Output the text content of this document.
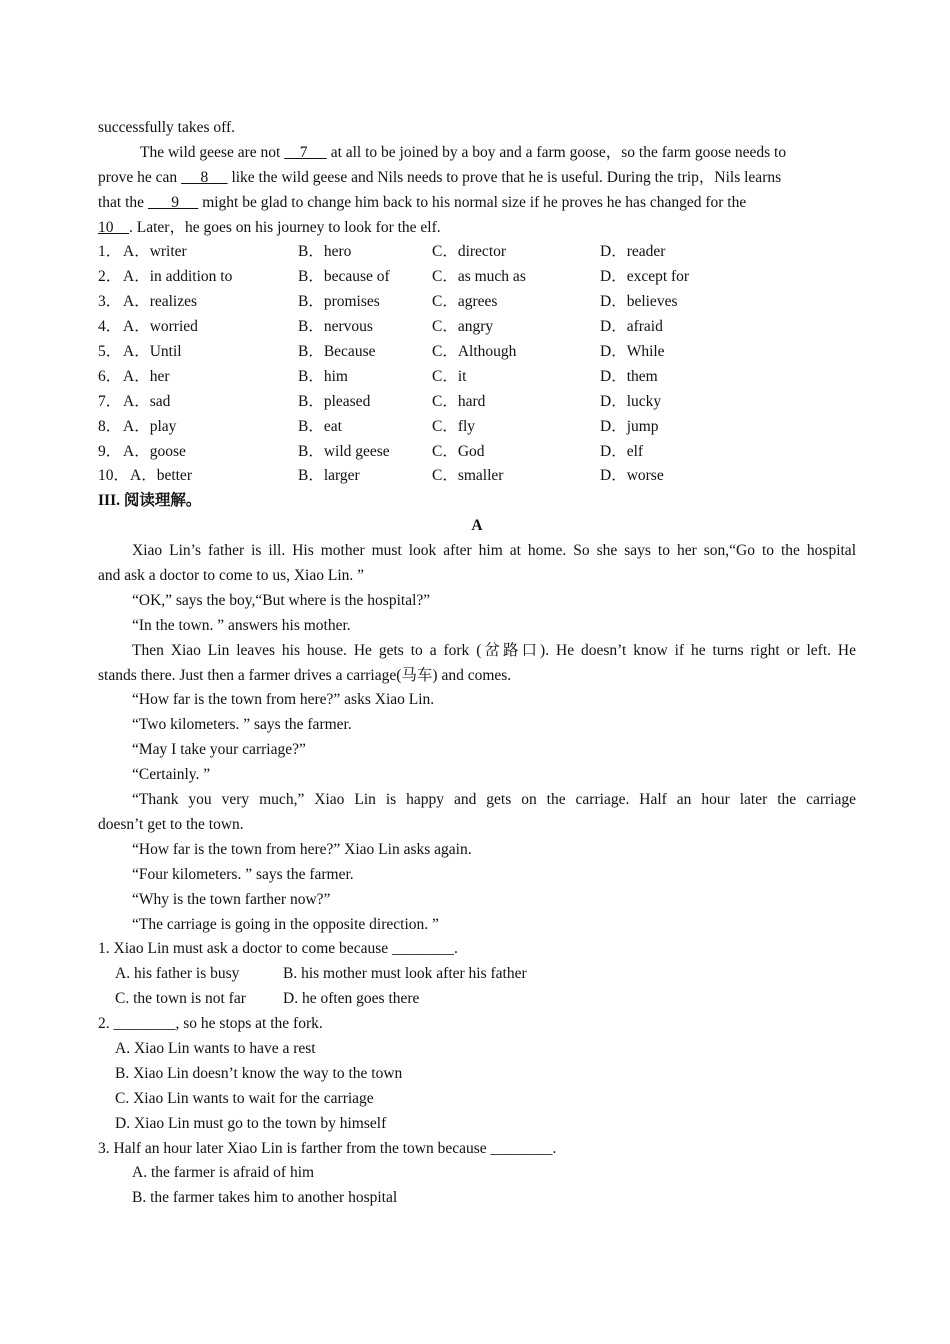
successfully takes off.
The wild geese are not     7      at all to be joined by a boy and a farm goose，so the farm goose needs to
prove he can      8      like the wild geese and Nils needs to prove that he is useful. During the trip，Nils learns
that the       9      might be glad to change him back to his normal size if he proves he has changed for the
10 . Later，he goes on his journey to look for the elf.
1． A．writer	B．hero	C．director	D．reader
2． A．in addition to	B．because of	C．as much as	D．except for
3． A．realizes	B．promises	C．agrees	D．believes
4． A．worried	B．nervous	C．angry	D．afraid
5． A．Until	B．Because	C．Although	D．While
6． A．her	B．him	C．it	D．them
7． A．sad	B．pleased	C．hard	D．lucky
8． A．play	B．eat	C．fly	D．jump
9． A．goose	B．wild geese	C．God	D．elf
10． A．better	B．larger	C．smaller	D．worse
III. 阅读理解。
A
Xiao Lin’s father is ill. His mother must look after him at home. So she says to her son,“Go to the hospital
and ask a doctor to come to us, Xiao Lin. ”
“OK,” says the boy,“But where is the hospital?”
“In the town. ” answers his mother.
Then Xiao Lin leaves his house. He gets to a fork (岔路口). He doesn’t know if he turns right or left. He
stands there. Just then a farmer drives a carriage(马车) and comes.
“How far is the town from here?” asks Xiao Lin.
“Two kilometers. ” says the farmer.
“May I take your carriage?”
“Certainly. ”
“Thank you very much,” Xiao Lin is happy and gets on the carriage. Half an hour later the carriage
doesn’t get to the town.
“How far is the town from here?” Xiao Lin asks again.
“Four kilometers. ” says the farmer.
“Why is the town farther now?”
“The carriage is going in the opposite direction. ”
1. Xiao Lin must ask a doctor to come because ________.
A. his father is busy	B. his mother must look after his father
C. the town is not far	D. he often goes there
2. ________, so he stops at the fork.
A. Xiao Lin wants to have a rest
B. Xiao Lin doesn’t know the way to the town
C. Xiao Lin wants to wait for the carriage
D. Xiao Lin must go to the town by himself
3. Half an hour later Xiao Lin is farther from the town because ________.
A. the farmer is afraid of him
B. the farmer takes him to another hospital
